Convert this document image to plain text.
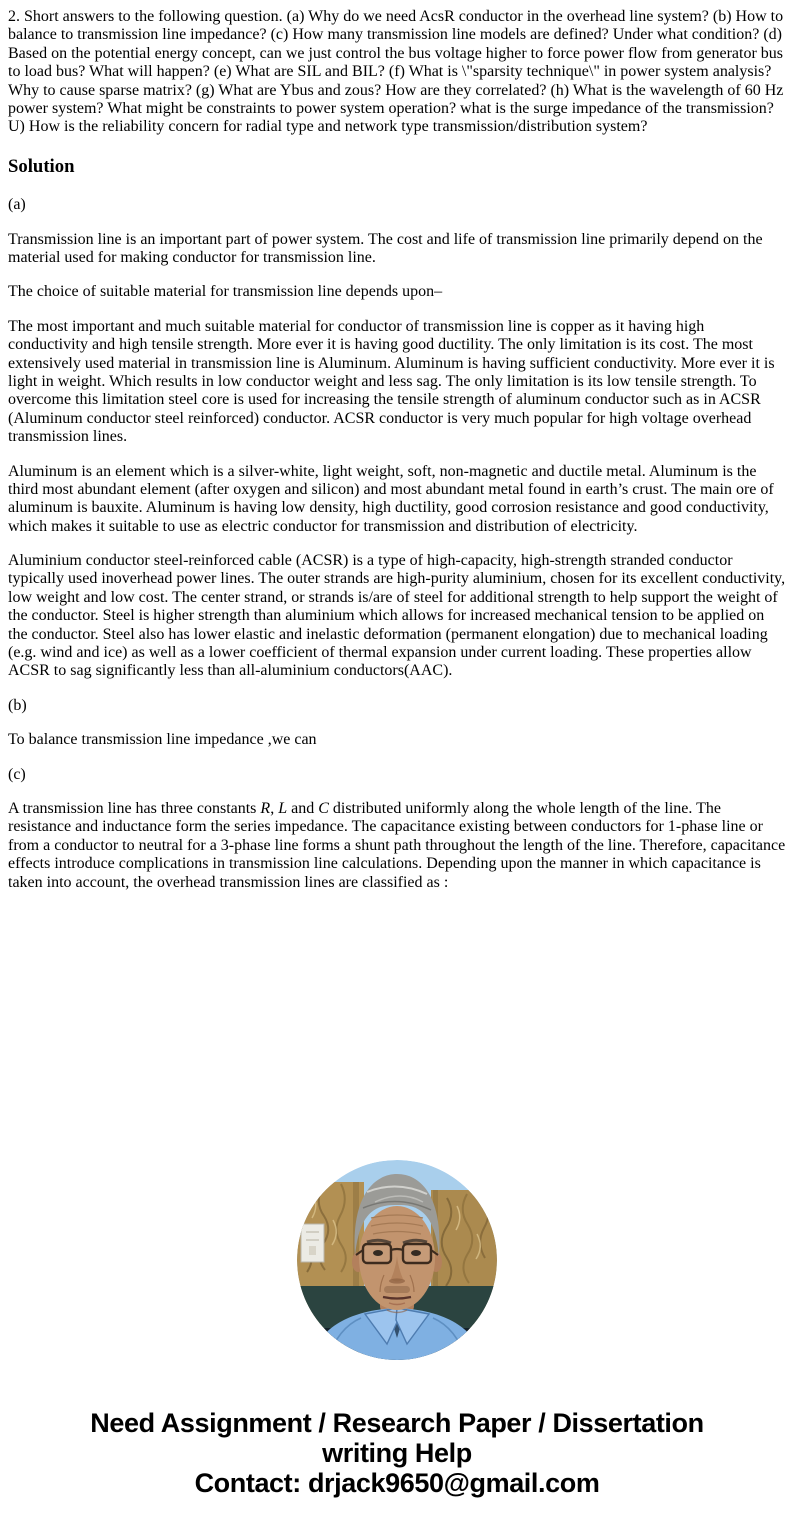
2. Short answers to the following question. (a) Why do we need AcsR conductor in the overhead line system? (b) How to balance to transmission line impedance? (c) How many transmission line models are defined? Under what condition? (d) Based on the potential energy concept, can we just control the bus voltage higher to force power flow from generator bus to load bus? What will happen? (e) What are SIL and BIL? (f) What is \"sparsity technique\" in power system analysis? Why to cause sparse matrix? (g) What are Ybus and zous? How are they correlated? (h) What is the wavelength of 60 Hz power system? What might be constraints to power system operation? what is the surge impedance of the transmission? U) How is the reliability concern for radial type and network type transmission/distribution system?

Solution

(a)

Transmission line is an important part of power system. The cost and life of transmission line primarily depend on the material used for making conductor for transmission line.

The choice of suitable material for transmission line depends upon–

The most important and much suitable material for conductor of transmission line is copper as it having high conductivity and high tensile strength. More ever it is having good ductility. The only limitation is its cost. The most extensively used material in transmission line is Aluminum. Aluminum is having sufficient conductivity. More ever it is light in weight. Which results in low conductor weight and less sag. The only limitation is its low tensile strength. To overcome this limitation steel core is used for increasing the tensile strength of aluminum conductor such as in ACSR (Aluminum conductor steel reinforced) conductor. ACSR conductor is very much popular for high voltage overhead transmission lines.

Aluminum is an element which is a silver-white, light weight, soft, non-magnetic and ductile metal. Aluminum is the third most abundant element (after oxygen and silicon) and most abundant metal found in earth’s crust. The main ore of aluminum is bauxite. Aluminum is having low density, high ductility, good corrosion resistance and good conductivity, which makes it suitable to use as electric conductor for transmission and distribution of electricity.

Aluminium conductor steel-reinforced cable (ACSR) is a type of high-capacity, high-strength stranded conductor typically used inoverhead power lines. The outer strands are high-purity aluminium, chosen for its excellent conductivity, low weight and low cost. The center strand, or strands is/are of steel for additional strength to help support the weight of the conductor. Steel is higher strength than aluminium which allows for increased mechanical tension to be applied on the conductor. Steel also has lower elastic and inelastic deformation (permanent elongation) due to mechanical loading (e.g. wind and ice) as well as a lower coefficient of thermal expansion under current loading. These properties allow ACSR to sag significantly less than all-aluminium conductors(AAC).

(b)

To balance transmission line impedance ,we can

(c)

A transmission line has three constants R, L and C distributed uniformly along the whole length of the line. The resistance and inductance form the series impedance. The capacitance existing between conductors for 1-phase line or from a conductor to neutral for a 3-phase line forms a shunt path throughout the length of the line. Therefore, capacitance effects introduce complications in transmission line calculations. Depending upon the manner in which capacitance is taken into account, the overhead transmission lines are classified as :

Need Assignment / Research Paper / Dissertation
writing Help
Contact: drjack9650@gmail.com
